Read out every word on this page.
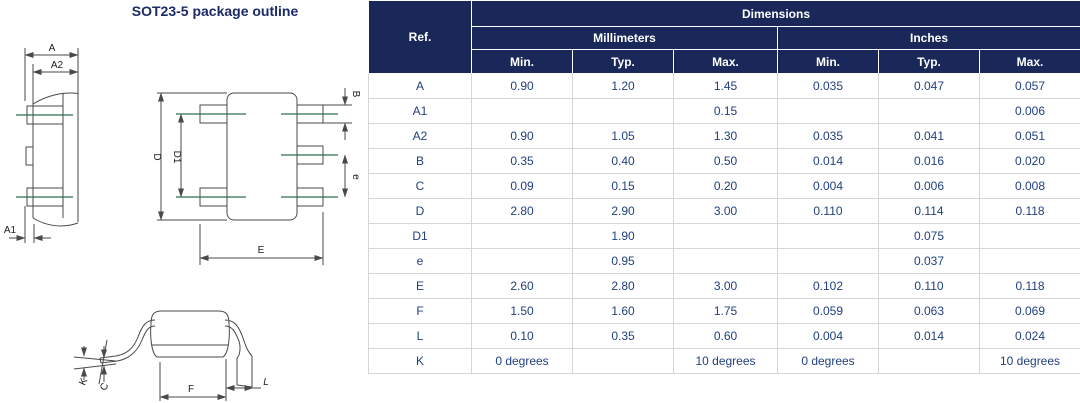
SOT23-5 package outline
A
A2
A1
D D1
B
e
E
K C	F
L
Ref.	Dimensions					
	Millimeters			Inches		
	Min.	Typ.	Max.	Min.	Typ.	Max.
A	0.90	1.20	1.45	0.035	0.047	0.057
A1			0.15			0.006
A2	0.90	1.05	1.30	0.035	0.041	0.051
B	0.35	0.40	0.50	0.014	0.016	0.020
C	0.09	0.15	0.20	0.004	0.006	0.008
D	2.80	2.90	3.00	0.110	0.114	0.118
D1		1.90			0.075	
e		0.95			0.037	
E	2.60	2.80	3.00	0.102	0.110	0.118
F	1.50	1.60	1.75	0.059	0.063	0.069
L	0.10	0.35	0.60	0.004	0.014	0.024
K	0 degrees		10 degrees	0 degrees		10 degrees
